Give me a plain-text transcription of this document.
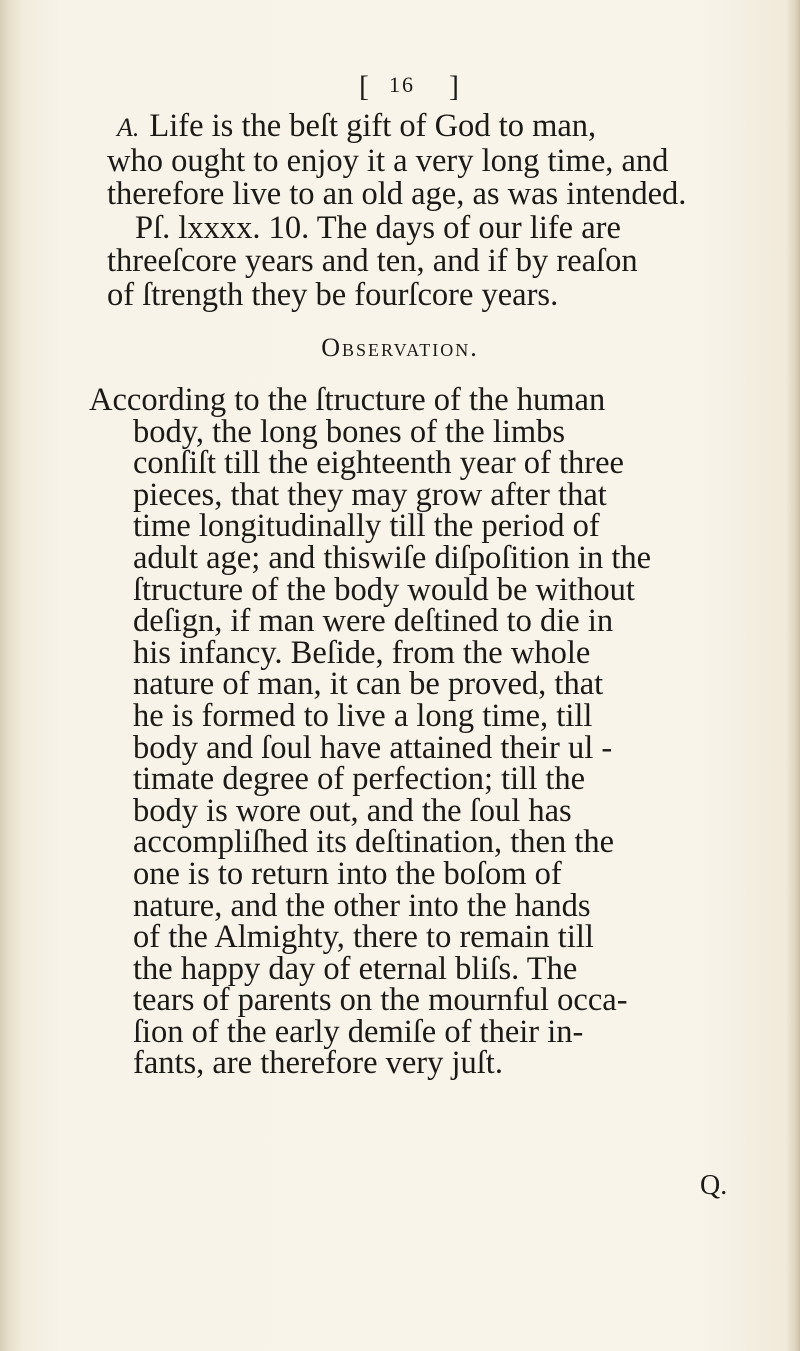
[ 16 ]

A. Life is the beſt gift of God to man,
who ought to enjoy it a very long time, and
therefore live to an old age, as was intended.
Pſ. lxxxx. 10. The days of our life are
threeſcore years and ten, and if by reaſon
of ſtrength they be fourſcore years.

Observation.

According to the ſtructure of the human
body, the long bones of the limbs
conſiſt till the eighteenth year of three
pieces, that they may grow after that
time longitudinally till the period of
adult age; and thiswiſe diſpoſition in the
ſtructure of the body would be without
deſign, if man were deſtined to die in
his infancy. Beſide, from the whole
nature of man, it can be proved, that
he is formed to live a long time, till
body and ſoul have attained their ul -
timate degree of perfection; till the
body is wore out, and the ſoul has
accompliſhed its deſtination, then the
one is to return into the boſom of
nature, and the other into the hands
of the Almighty, there to remain till
the happy day of eternal bliſs. The
tears of parents on the mournful occa-
ſion of the early demiſe of their in-
fants, are therefore very juſt.

Q.
